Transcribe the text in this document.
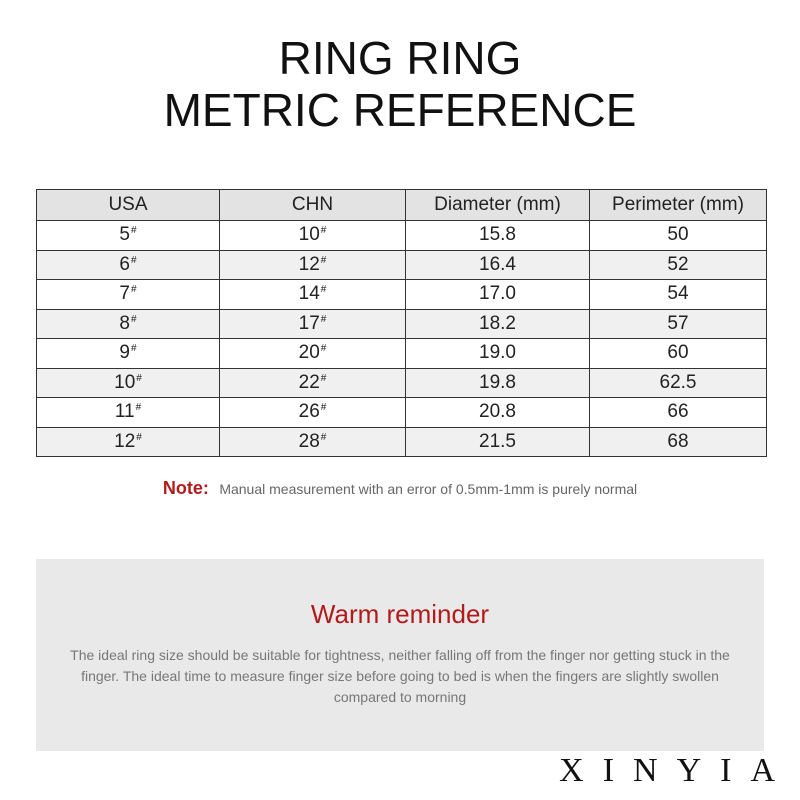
RING RING
METRIC REFERENCE
USA	CHN	Diameter (mm)	Perimeter (mm)
5#	10#	15.8	50
6#	12#	16.4	52
7#	14#	17.0	54
8#	17#	18.2	57
9#	20#	19.0	60
10#	22#	19.8	62.5
11#	26#	20.8	66
12#	28#	21.5	68
Note: Manual measurement with an error of 0.5mm-1mm is purely normal
Warm reminder
The ideal ring size should be suitable for tightness, neither falling off from the finger nor getting stuck in the finger. The ideal time to measure finger size before going to bed is when the fingers are slightly swollen compared to morning
XINYIA
